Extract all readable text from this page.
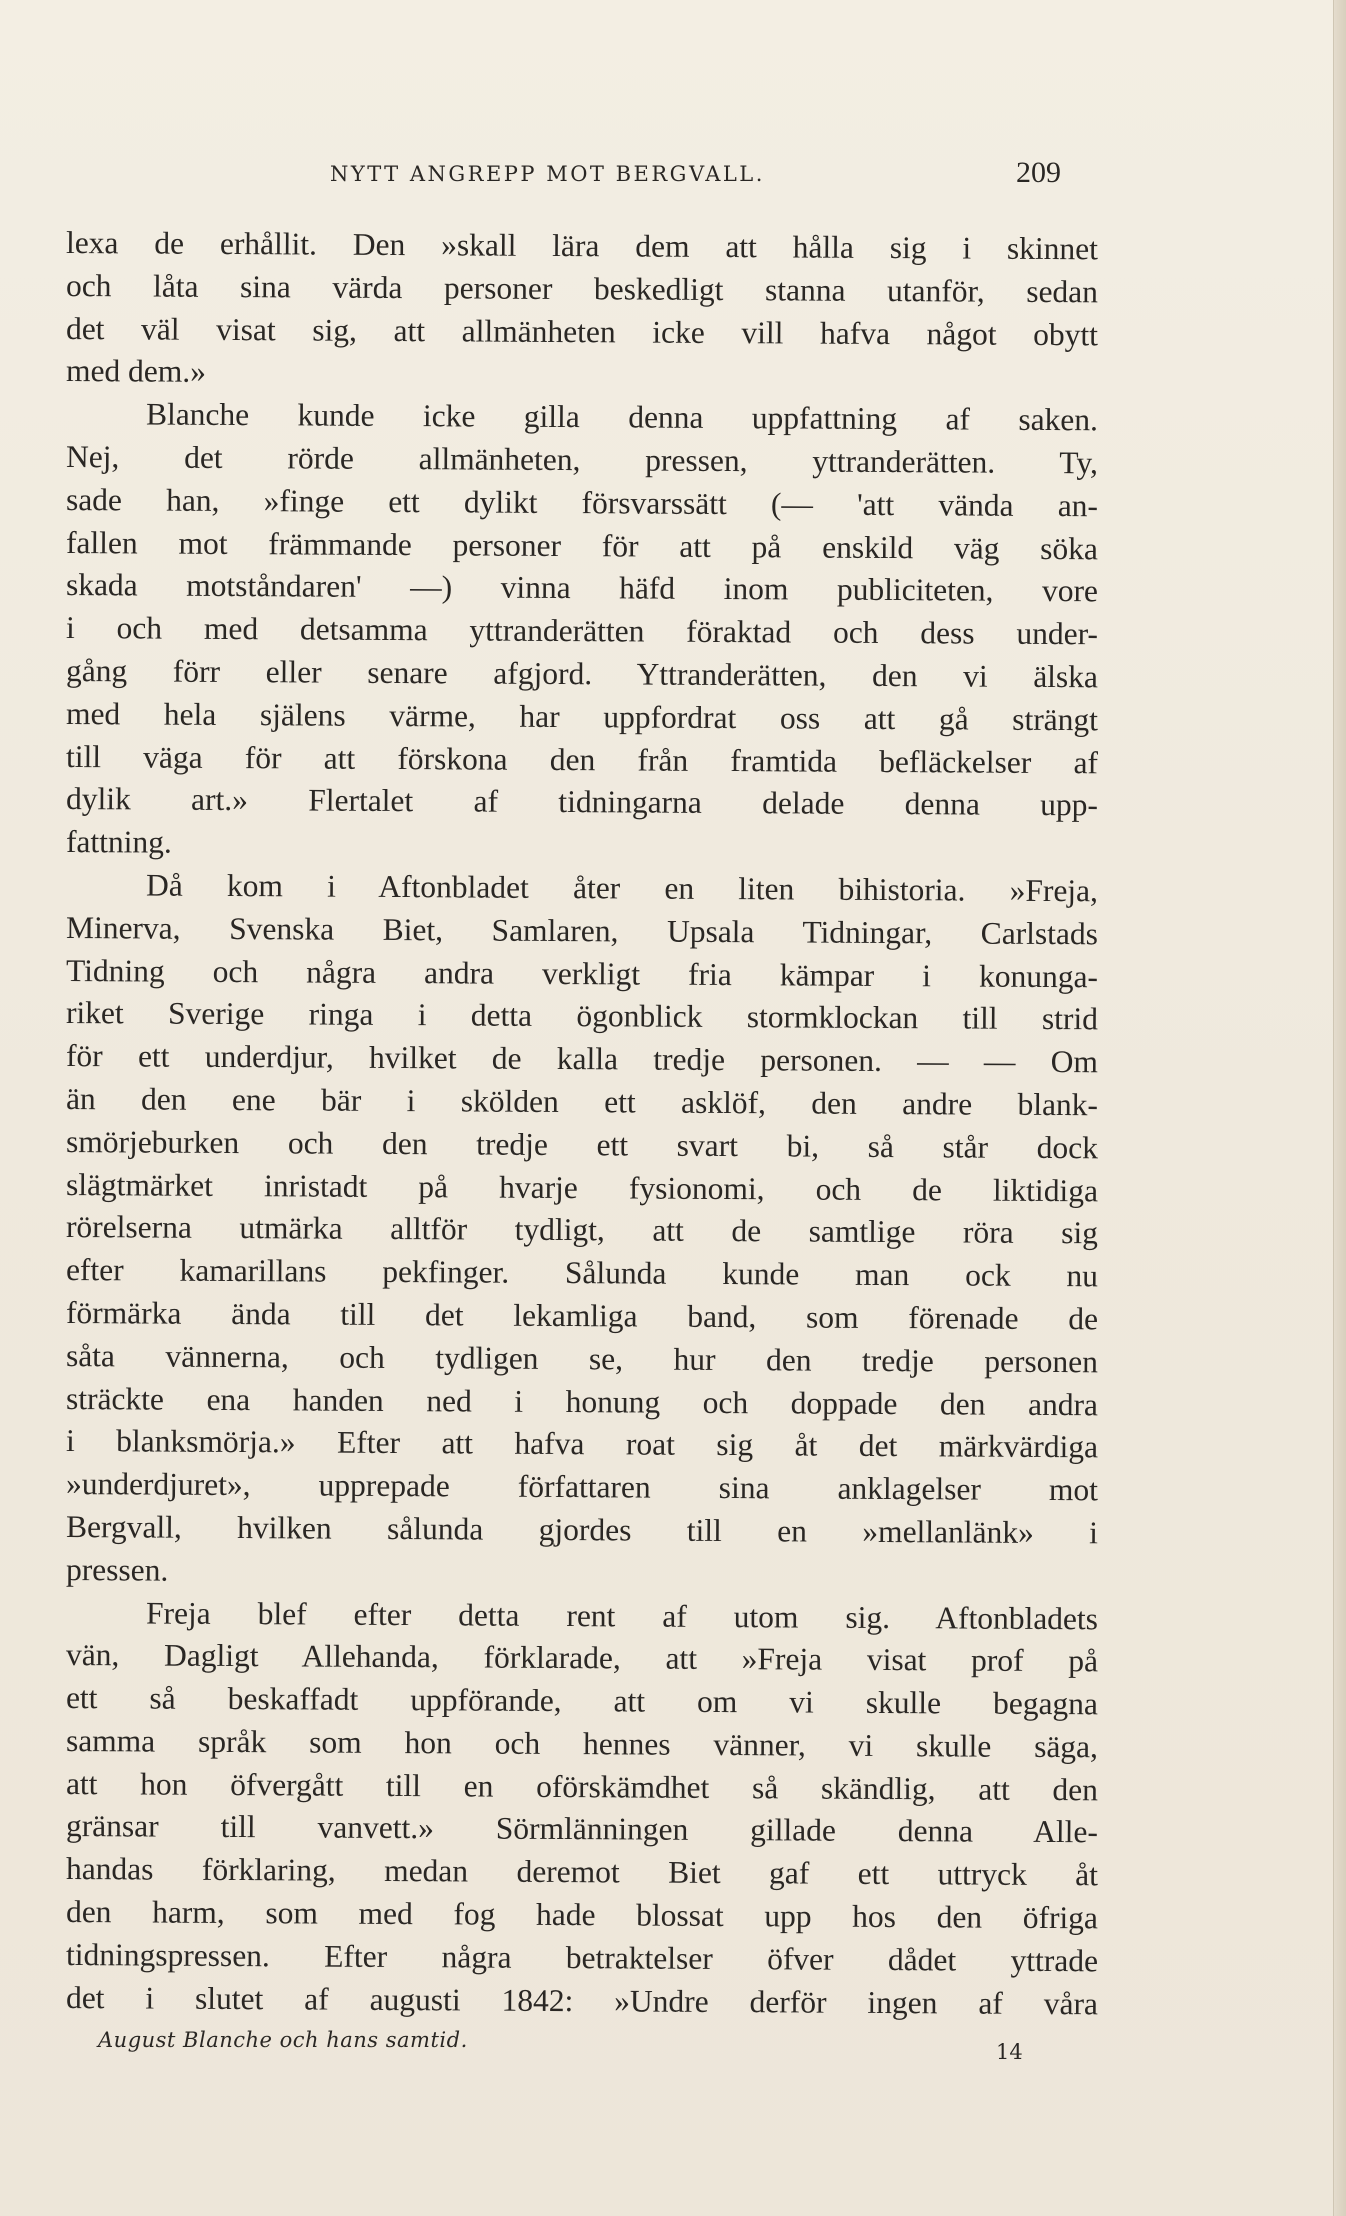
NYTT ANGREPP MOT BERGVALL.	209
lexa de erhållit. Den »skall lära dem att hålla sig i skinnet
och låta sina värda personer beskedligt stanna utanför, sedan
det väl visat sig, att allmänheten icke vill hafva något obytt
med dem.»
Blanche kunde icke gilla denna uppfattning af saken.
Nej, det rörde allmänheten, pressen, yttranderätten. Ty,
sade han, »finge ett dylikt försvarssätt (— 'att vända an-
fallen mot främmande personer för att på enskild väg söka
skada motståndaren' —) vinna häfd inom publiciteten, vore
i och med detsamma yttranderätten föraktad och dess under-
gång förr eller senare afgjord. Yttranderätten, den vi älska
med hela själens värme, har uppfordrat oss att gå strängt
till väga för att förskona den från framtida befläckelser af
dylik art.» Flertalet af tidningarna delade denna upp-
fattning.
Då kom i Aftonbladet åter en liten bihistoria. »Freja,
Minerva, Svenska Biet, Samlaren, Upsala Tidningar, Carlstads
Tidning och några andra verkligt fria kämpar i konunga-
riket Sverige ringa i detta ögonblick stormklockan till strid
för ett underdjur, hvilket de kalla tredje personen. — — Om
än den ene bär i skölden ett asklöf, den andre blank-
smörjeburken och den tredje ett svart bi, så står dock
slägtmärket inristadt på hvarje fysionomi, och de liktidiga
rörelserna utmärka alltför tydligt, att de samtlige röra sig
efter kamarillans pekfinger. Sålunda kunde man ock nu
förmärka ända till det lekamliga band, som förenade de
såta vännerna, och tydligen se, hur den tredje personen
sträckte ena handen ned i honung och doppade den andra
i blanksmörja.» Efter att hafva roat sig åt det märkvärdiga
»underdjuret», upprepade författaren sina anklagelser mot
Bergvall, hvilken sålunda gjordes till en »mellanlänk» i
pressen.
Freja blef efter detta rent af utom sig. Aftonbladets
vän, Dagligt Allehanda, förklarade, att »Freja visat prof på
ett så beskaffadt uppförande, att om vi skulle begagna
samma språk som hon och hennes vänner, vi skulle säga,
att hon öfvergått till en oförskämdhet så skändlig, att den
gränsar till vanvett.» Sörmlänningen gillade denna Alle-
handas förklaring, medan deremot Biet gaf ett uttryck åt
den harm, som med fog hade blossat upp hos den öfriga
tidningspressen. Efter några betraktelser öfver dådet yttrade
det i slutet af augusti 1842: »Undre derför ingen af våra
August Blanche och hans samtid.	14
